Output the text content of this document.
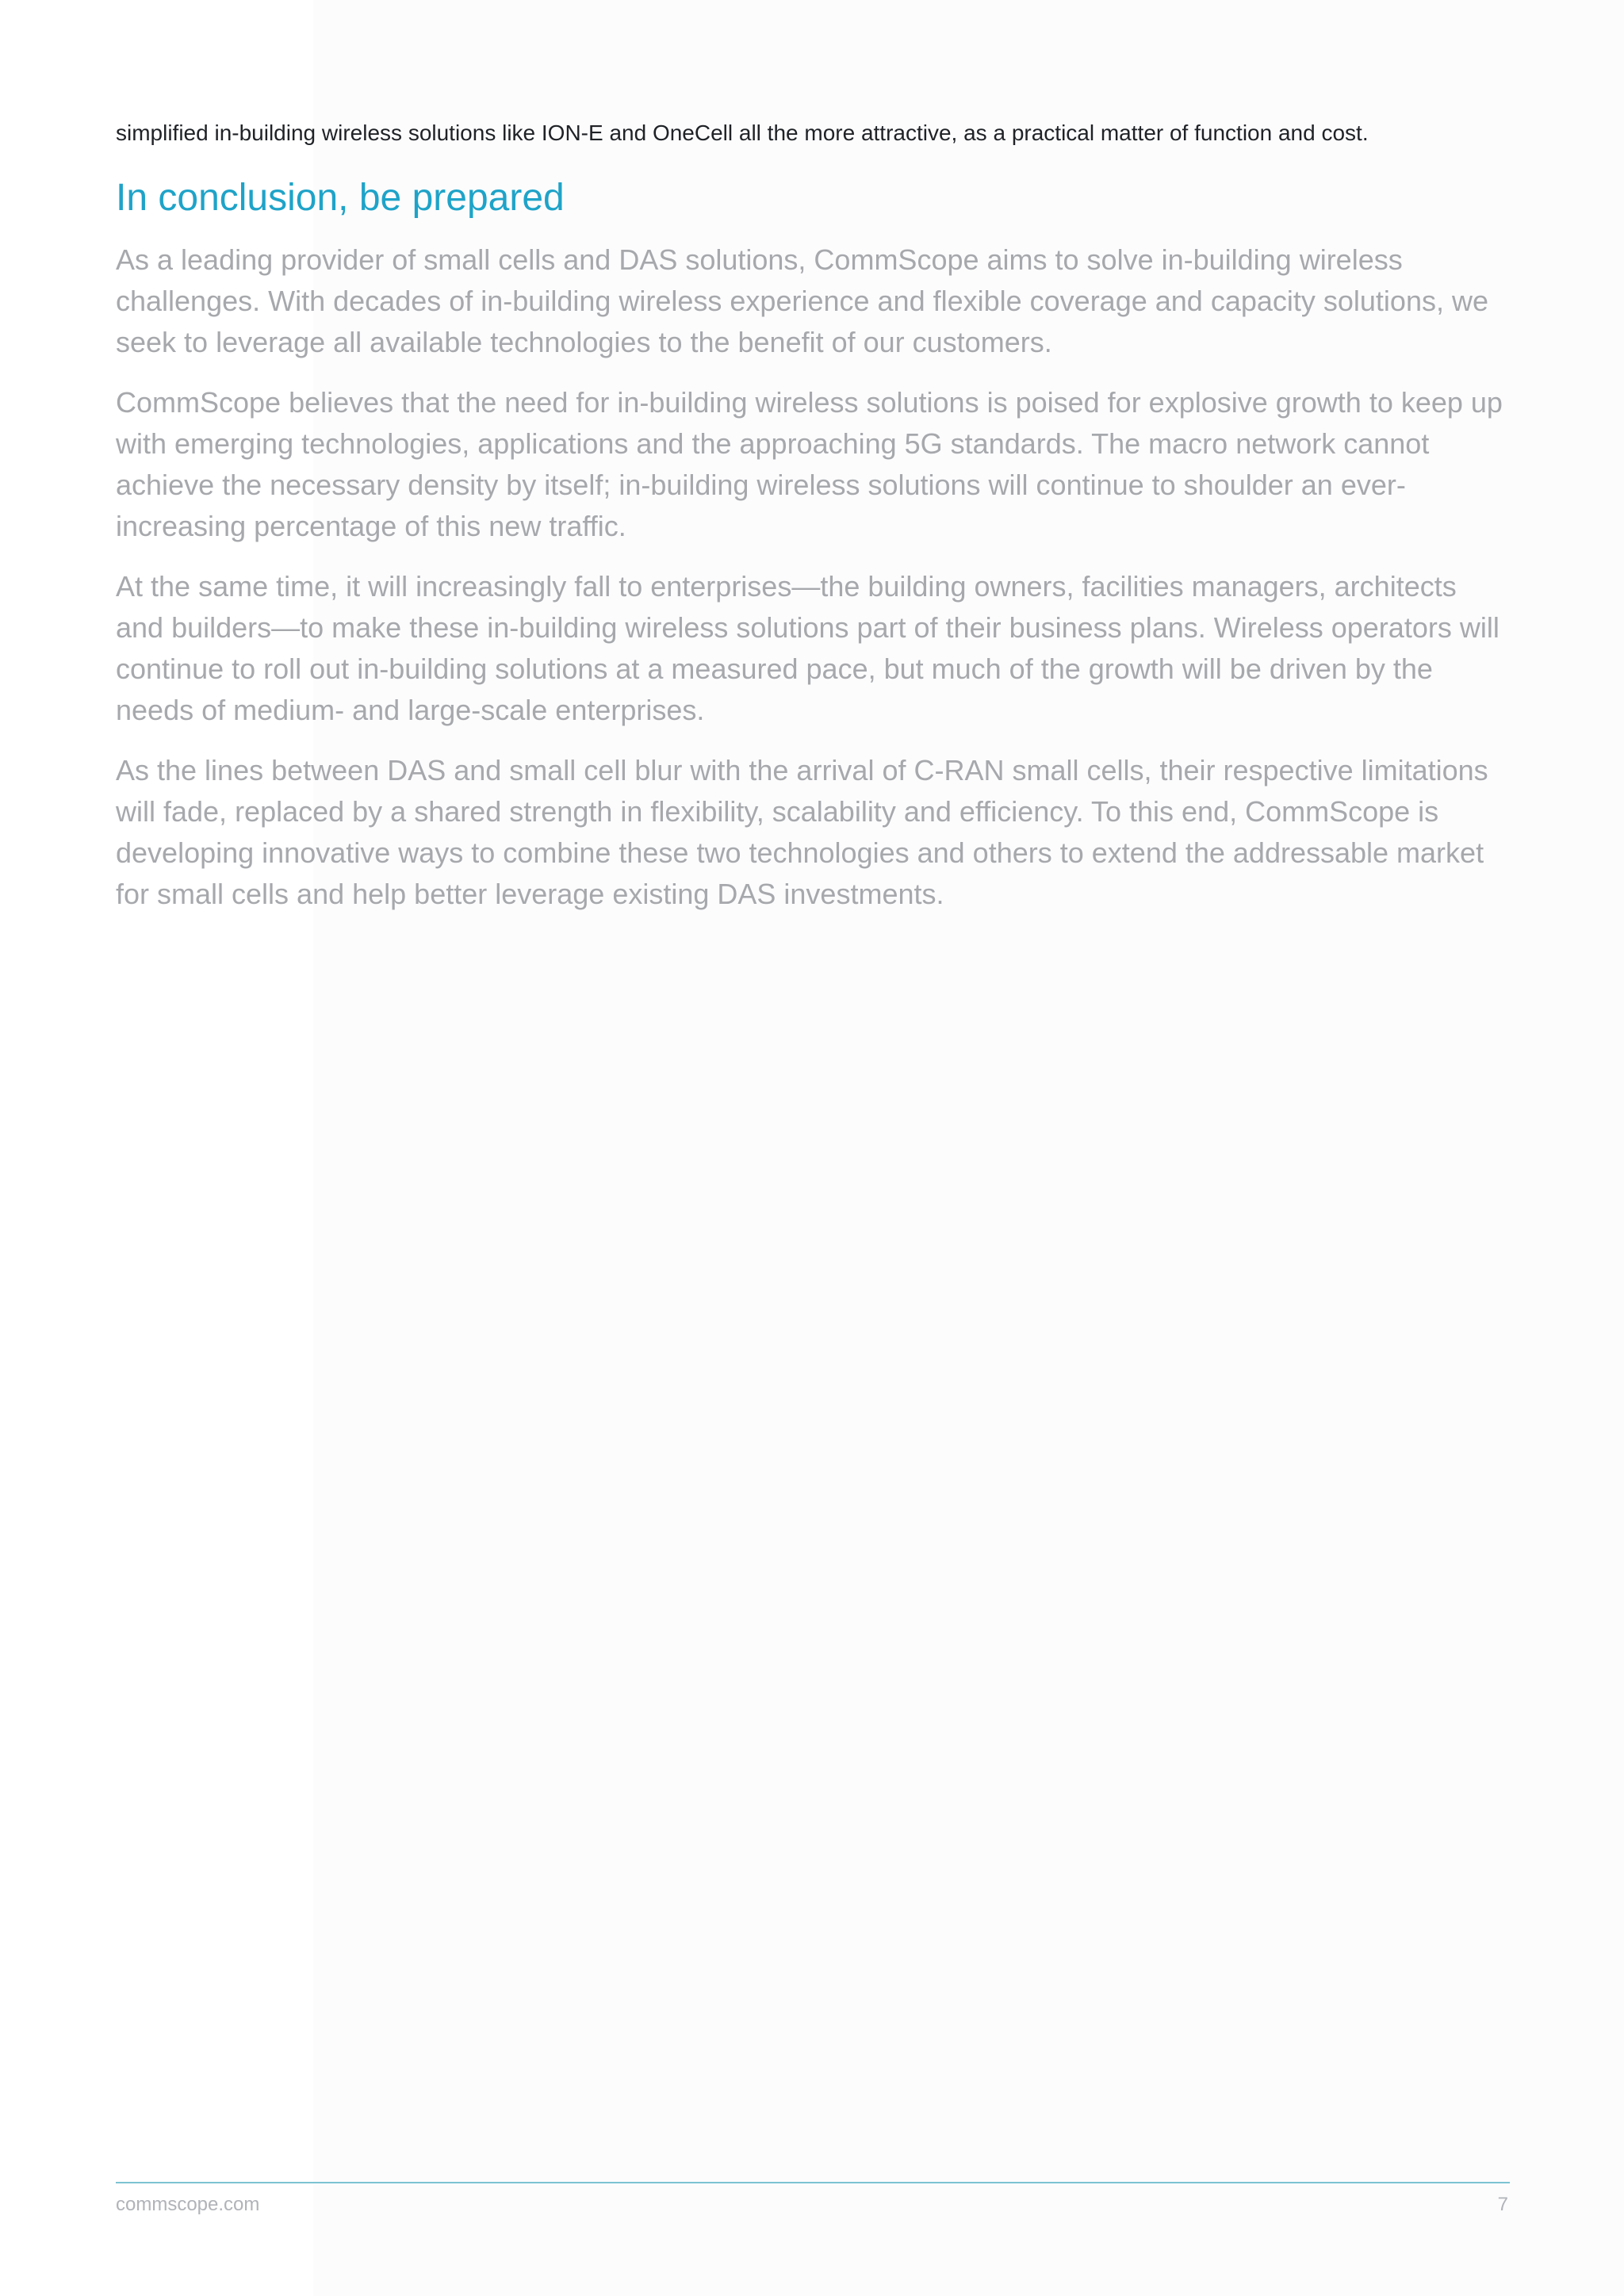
simplified in-building wireless solutions like ION-E and OneCell all the more attractive, as a practical matter of function and cost.

In conclusion, be prepared

As a leading provider of small cells and DAS solutions, CommScope aims to solve in-building wireless challenges. With decades of in-building wireless experience and flexible coverage and capacity solutions, we seek to leverage all available technologies to the benefit of our customers.

CommScope believes that the need for in-building wireless solutions is poised for explosive growth to keep up with emerging technologies, applications and the approaching 5G standards. The macro network cannot achieve the necessary density by itself; in-building wireless solutions will continue to shoulder an ever-increasing percentage of this new traffic.

At the same time, it will increasingly fall to enterprises—the building owners, facilities managers, architects and builders—to make these in-building wireless solutions part of their business plans. Wireless operators will continue to roll out in-building solutions at a measured pace, but much of the growth will be driven by the needs of medium- and large-scale enterprises.

As the lines between DAS and small cell blur with the arrival of C-RAN small cells, their respective limitations will fade, replaced by a shared strength in flexibility, scalability and efficiency. To this end, CommScope is developing innovative ways to combine these two technologies and others to extend the addressable market for small cells and help better leverage existing DAS investments.

commscope.com	7
